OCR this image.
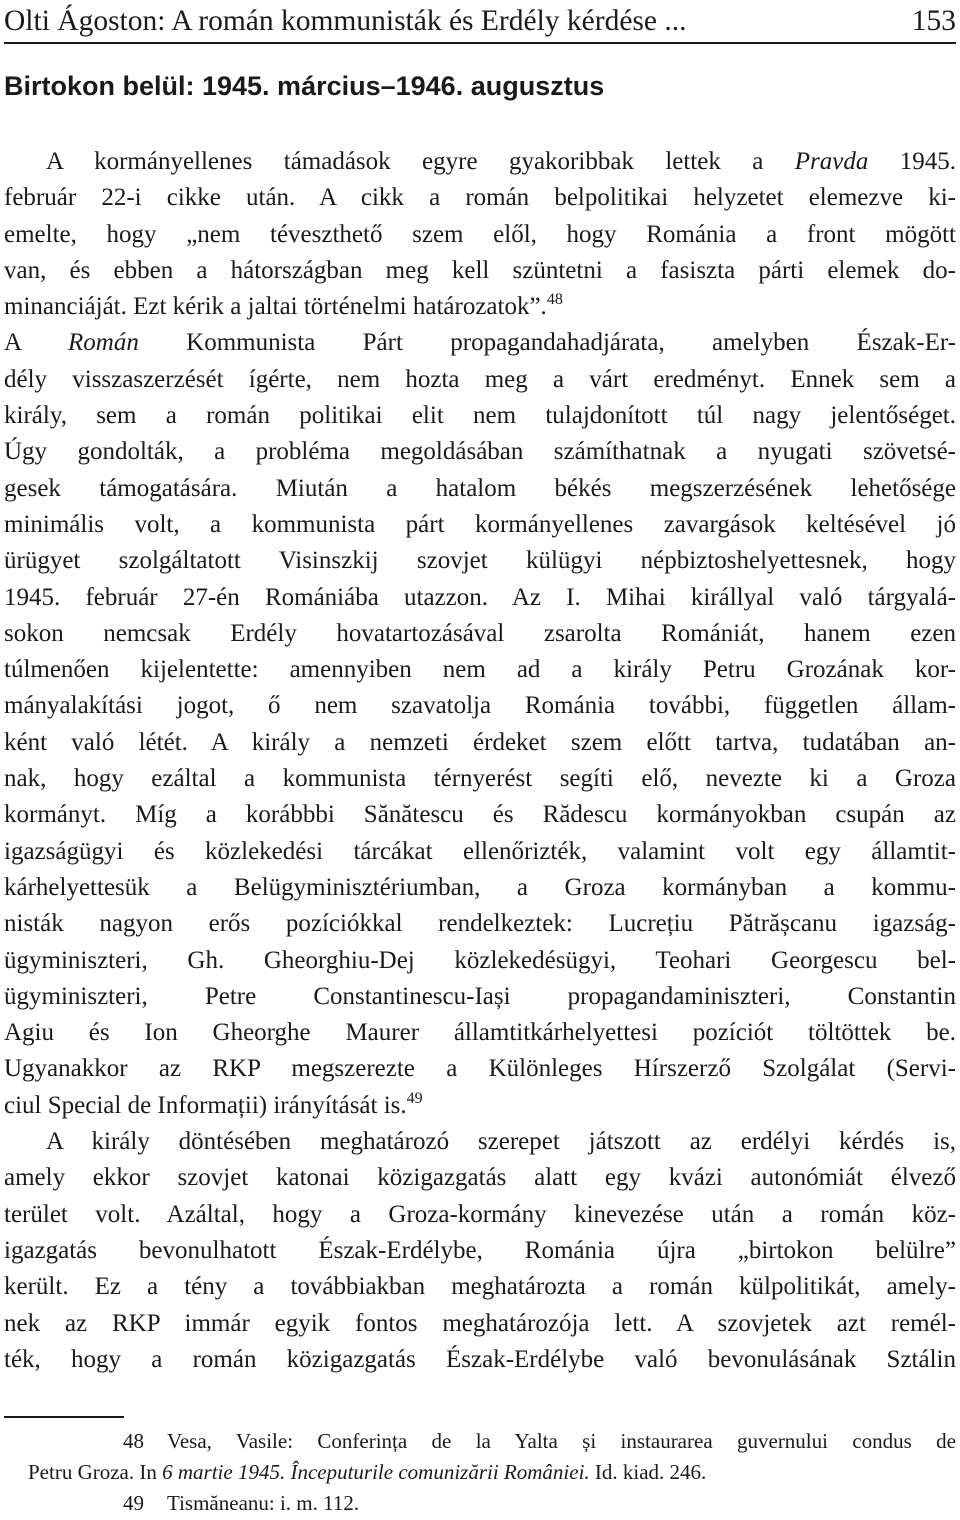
Olti Ágoston: A román kommunisták és Erdély kérdése ...	153
Birtokon belül: 1945. március–1946. augusztus
A kormányellenes támadások egyre gyakoribbak lettek a Pravda 1945.
február 22-i cikke után. A cikk a román belpolitikai helyzetet elemezve ki-
emelte, hogy „nem téveszthető szem elől, hogy Románia a front mögött
van, és ebben a hátországban meg kell szüntetni a fasiszta párti elemek do-
minanciáját. Ezt kérik a jaltai történelmi határozatok”.$^{48}$
A Román Kommunista Párt propagandahadjárata, amelyben Észak-Er-
dély visszaszerzését ígérte, nem hozta meg a várt eredményt. Ennek sem a
király, sem a román politikai elit nem tulajdonított túl nagy jelentőséget.
Úgy gondolták, a probléma megoldásában számíthatnak a nyugati szövetsé-
gesek támogatására. Miután a hatalom békés megszerzésének lehetősége
minimális volt, a kommunista párt kormányellenes zavargások keltésével jó
ürügyet szolgáltatott Visinszkij szovjet külügyi népbiztoshelyettesnek, hogy
1945. február 27-én Romániába utazzon. Az I. Mihai királlyal való tárgyalá-
sokon nemcsak Erdély hovatartozásával zsarolta Romániát, hanem ezen
túlmenően kijelentette: amennyiben nem ad a király Petru Grozának kor-
mányalakítási jogot, ő nem szavatolja Románia további, független állam-
ként való létét. A király a nemzeti érdeket szem előtt tartva, tudatában an-
nak, hogy ezáltal a kommunista térnyerést segíti elő, nevezte ki a Groza
kormányt. Míg a korábbbi Sănătescu és Rădescu kormányokban csupán az
igazságügyi és közlekedési tárcákat ellenőrizték, valamint volt egy államtit-
kárhelyettesük a Belügyminisztériumban, a Groza kormányban a kommu-
nisták nagyon erős pozíciókkal rendelkeztek: Lucrețiu Pătrășcanu igazság-
ügyminiszteri, Gh. Gheorghiu-Dej közlekedésügyi, Teohari Georgescu bel-
ügyminiszteri, Petre Constantinescu-Iași propagandaminiszteri, Constantin
Agiu és Ion Gheorghe Maurer államtitkárhelyettesi pozíciót töltöttek be.
Ugyanakkor az RKP megszerezte a Különleges Hírszerző Szolgálat (Servi-
ciul Special de Informații) irányítását is.$^{49}$
A király döntésében meghatározó szerepet játszott az erdélyi kérdés is,
amely ekkor szovjet katonai közigazgatás alatt egy kvázi autonómiát élvező
terület volt. Azáltal, hogy a Groza-kormány kinevezése után a román köz-
igazgatás bevonulhatott Észak-Erdélybe, Románia újra „birtokon belülre”
került. Ez a tény a továbbiakban meghatározta a román külpolitikát, amely-
nek az RKP immár egyik fontos meghatározója lett. A szovjetek azt remél-
ték, hogy a román közigazgatás Észak-Erdélybe való bevonulásának Sztálin
48 Vesa, Vasile: Conferința de la Yalta și instaurarea guvernului condus de
Petru Groza. In 6 martie 1945. Începuturile comunizării României. Id. kiad. 246.
49 Tismăneanu: i. m. 112.
